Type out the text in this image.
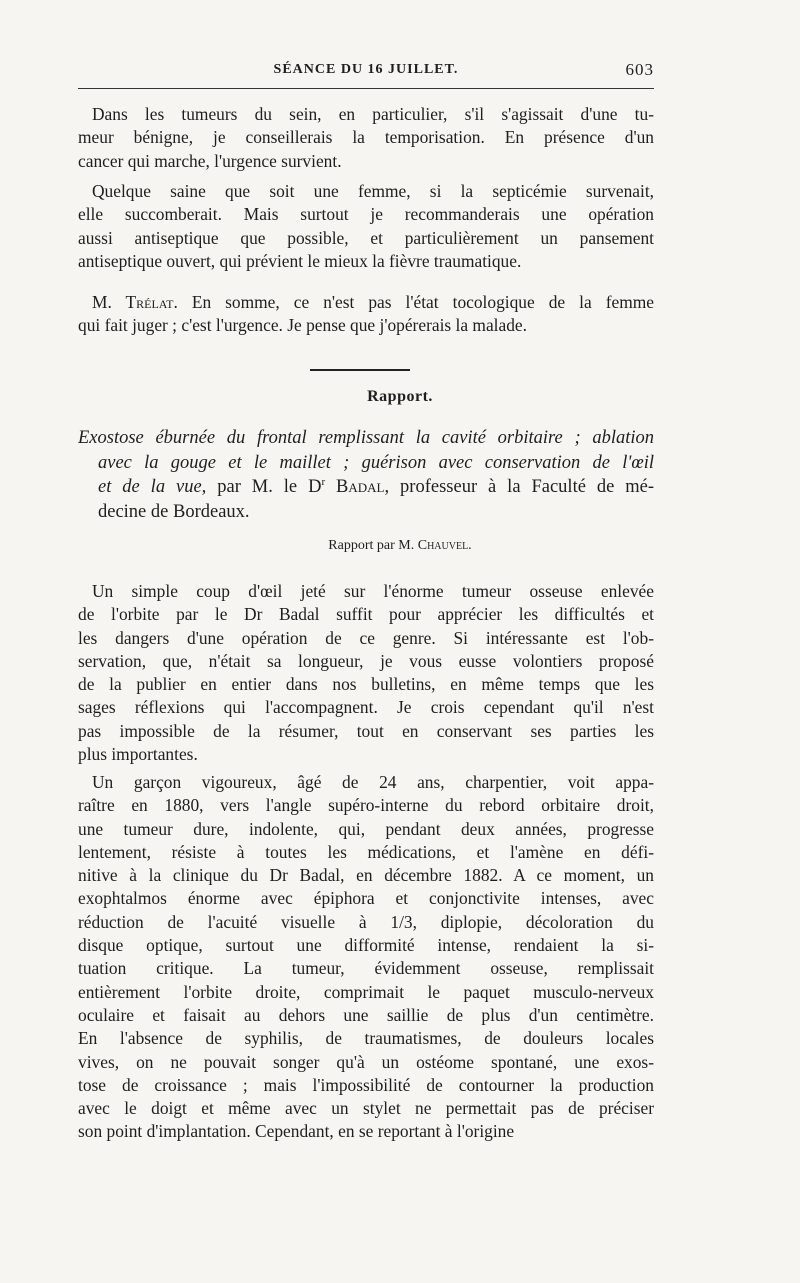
SÉANCE DU 16 JUILLET.	603
Dans les tumeurs du sein, en particulier, s'il s'agissait d'une tu-
meur bénigne, je conseillerais la temporisation. En présence d'un
cancer qui marche, l'urgence survient.
Quelque saine que soit une femme, si la septicémie survenait,
elle succomberait. Mais surtout je recommanderais une opération
aussi antiseptique que possible, et particulièrement un pansement
antiseptique ouvert, qui prévient le mieux la fièvre traumatique.
M. Trélat. En somme, ce n'est pas l'état tocologique de la femme
qui fait juger ; c'est l'urgence. Je pense que j'opérerais la malade.
Rapport.
Exostose éburnée du frontal remplissant la cavité orbitaire ; ablation
avec la gouge et le maillet ; guérison avec conservation de l'œil
et de la vue, par M. le $D^r$ Badal, professeur à la Faculté de mé-
decine de Bordeaux.
Rapport par M. Chauvel.
Un simple coup d'œil jeté sur l'énorme tumeur osseuse enlevée
de l'orbite par le Dr Badal suffit pour apprécier les difficultés et
les dangers d'une opération de ce genre. Si intéressante est l'ob-
servation, que, n'était sa longueur, je vous eusse volontiers proposé
de la publier en entier dans nos bulletins, en même temps que les
sages réflexions qui l'accompagnent. Je crois cependant qu'il n'est
pas impossible de la résumer, tout en conservant ses parties les
plus importantes.
Un garçon vigoureux, âgé de 24 ans, charpentier, voit appa-
raître en 1880, vers l'angle supéro-interne du rebord orbitaire droit,
une tumeur dure, indolente, qui, pendant deux années, progresse
lentement, résiste à toutes les médications, et l'amène en défi-
nitive à la clinique du Dr Badal, en décembre 1882. A ce moment, un
exophtalmos énorme avec épiphora et conjonctivite intenses, avec
réduction de l'acuité visuelle à 1/3, diplopie, décoloration du
disque optique, surtout une difformité intense, rendaient la si-
tuation critique. La tumeur, évidemment osseuse, remplissait
entièrement l'orbite droite, comprimait le paquet musculo-nerveux
oculaire et faisait au dehors une saillie de plus d'un centimètre.
En l'absence de syphilis, de traumatismes, de douleurs locales
vives, on ne pouvait songer qu'à un ostéome spontané, une exos-
tose de croissance ; mais l'impossibilité de contourner la production
avec le doigt et même avec un stylet ne permettait pas de préciser
son point d'implantation. Cependant, en se reportant à l'origine
